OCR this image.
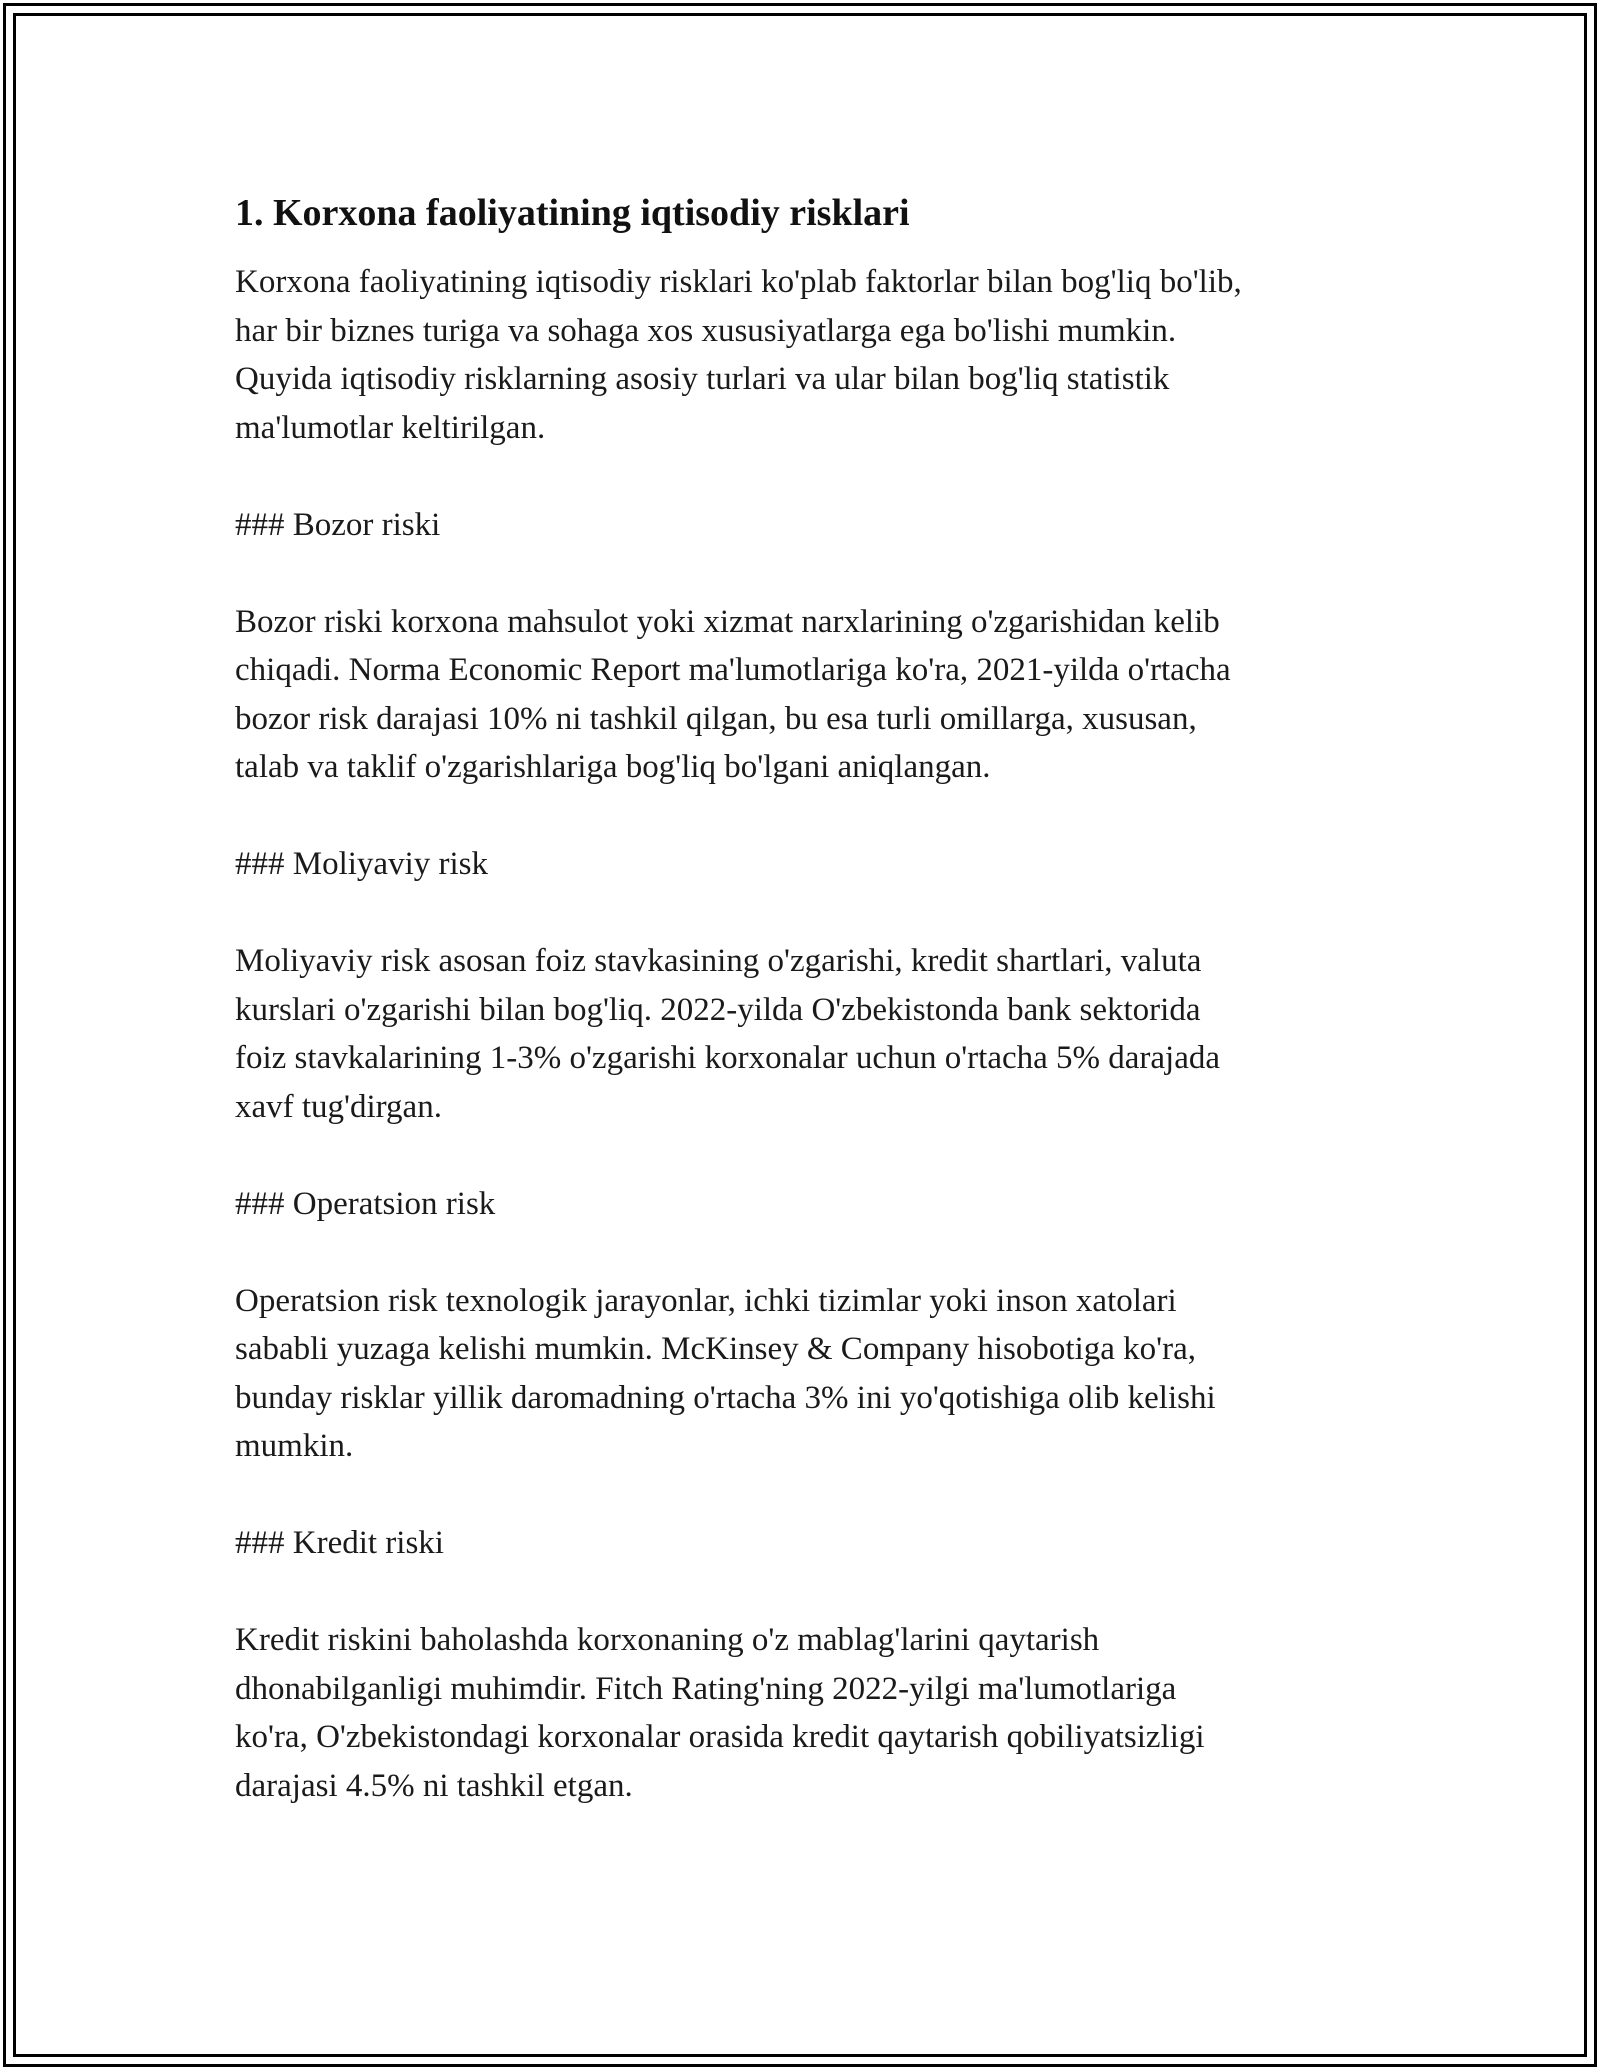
1. Korxona faoliyatining iqtisodiy risklari

Korxona faoliyatining iqtisodiy risklari ko'plab faktorlar bilan bog'liq bo'lib,

har bir biznes turiga va sohaga xos xususiyatlarga ega bo'lishi mumkin.

Quyida iqtisodiy risklarning asosiy turlari va ular bilan bog'liq statistik

ma'lumotlar keltirilgan.

### Bozor riski

Bozor riski korxona mahsulot yoki xizmat narxlarining o'zgarishidan kelib

chiqadi. Norma Economic Report ma'lumotlariga ko'ra, 2021-yilda o'rtacha

bozor risk darajasi 10% ni tashkil qilgan, bu esa turli omillarga, xususan,

talab va taklif o'zgarishlariga bog'liq bo'lgani aniqlangan.

### Moliyaviy risk

Moliyaviy risk asosan foiz stavkasining o'zgarishi, kredit shartlari, valuta

kurslari o'zgarishi bilan bog'liq. 2022-yilda O'zbekistonda bank sektorida

foiz stavkalarining 1-3% o'zgarishi korxonalar uchun o'rtacha 5% darajada

xavf tug'dirgan.

### Operatsion risk

Operatsion risk texnologik jarayonlar, ichki tizimlar yoki inson xatolari

sababli yuzaga kelishi mumkin. McKinsey & Company hisobotiga ko'ra,

bunday risklar yillik daromadning o'rtacha 3% ini yo'qotishiga olib kelishi

mumkin.

### Kredit riski

Kredit riskini baholashda korxonaning o'z mablag'larini qaytarish

dhonabilganligi muhimdir. Fitch Rating'ning 2022-yilgi ma'lumotlariga

ko'ra, O'zbekistondagi korxonalar orasida kredit qaytarish qobiliyatsizligi

darajasi 4.5% ni tashkil etgan.
